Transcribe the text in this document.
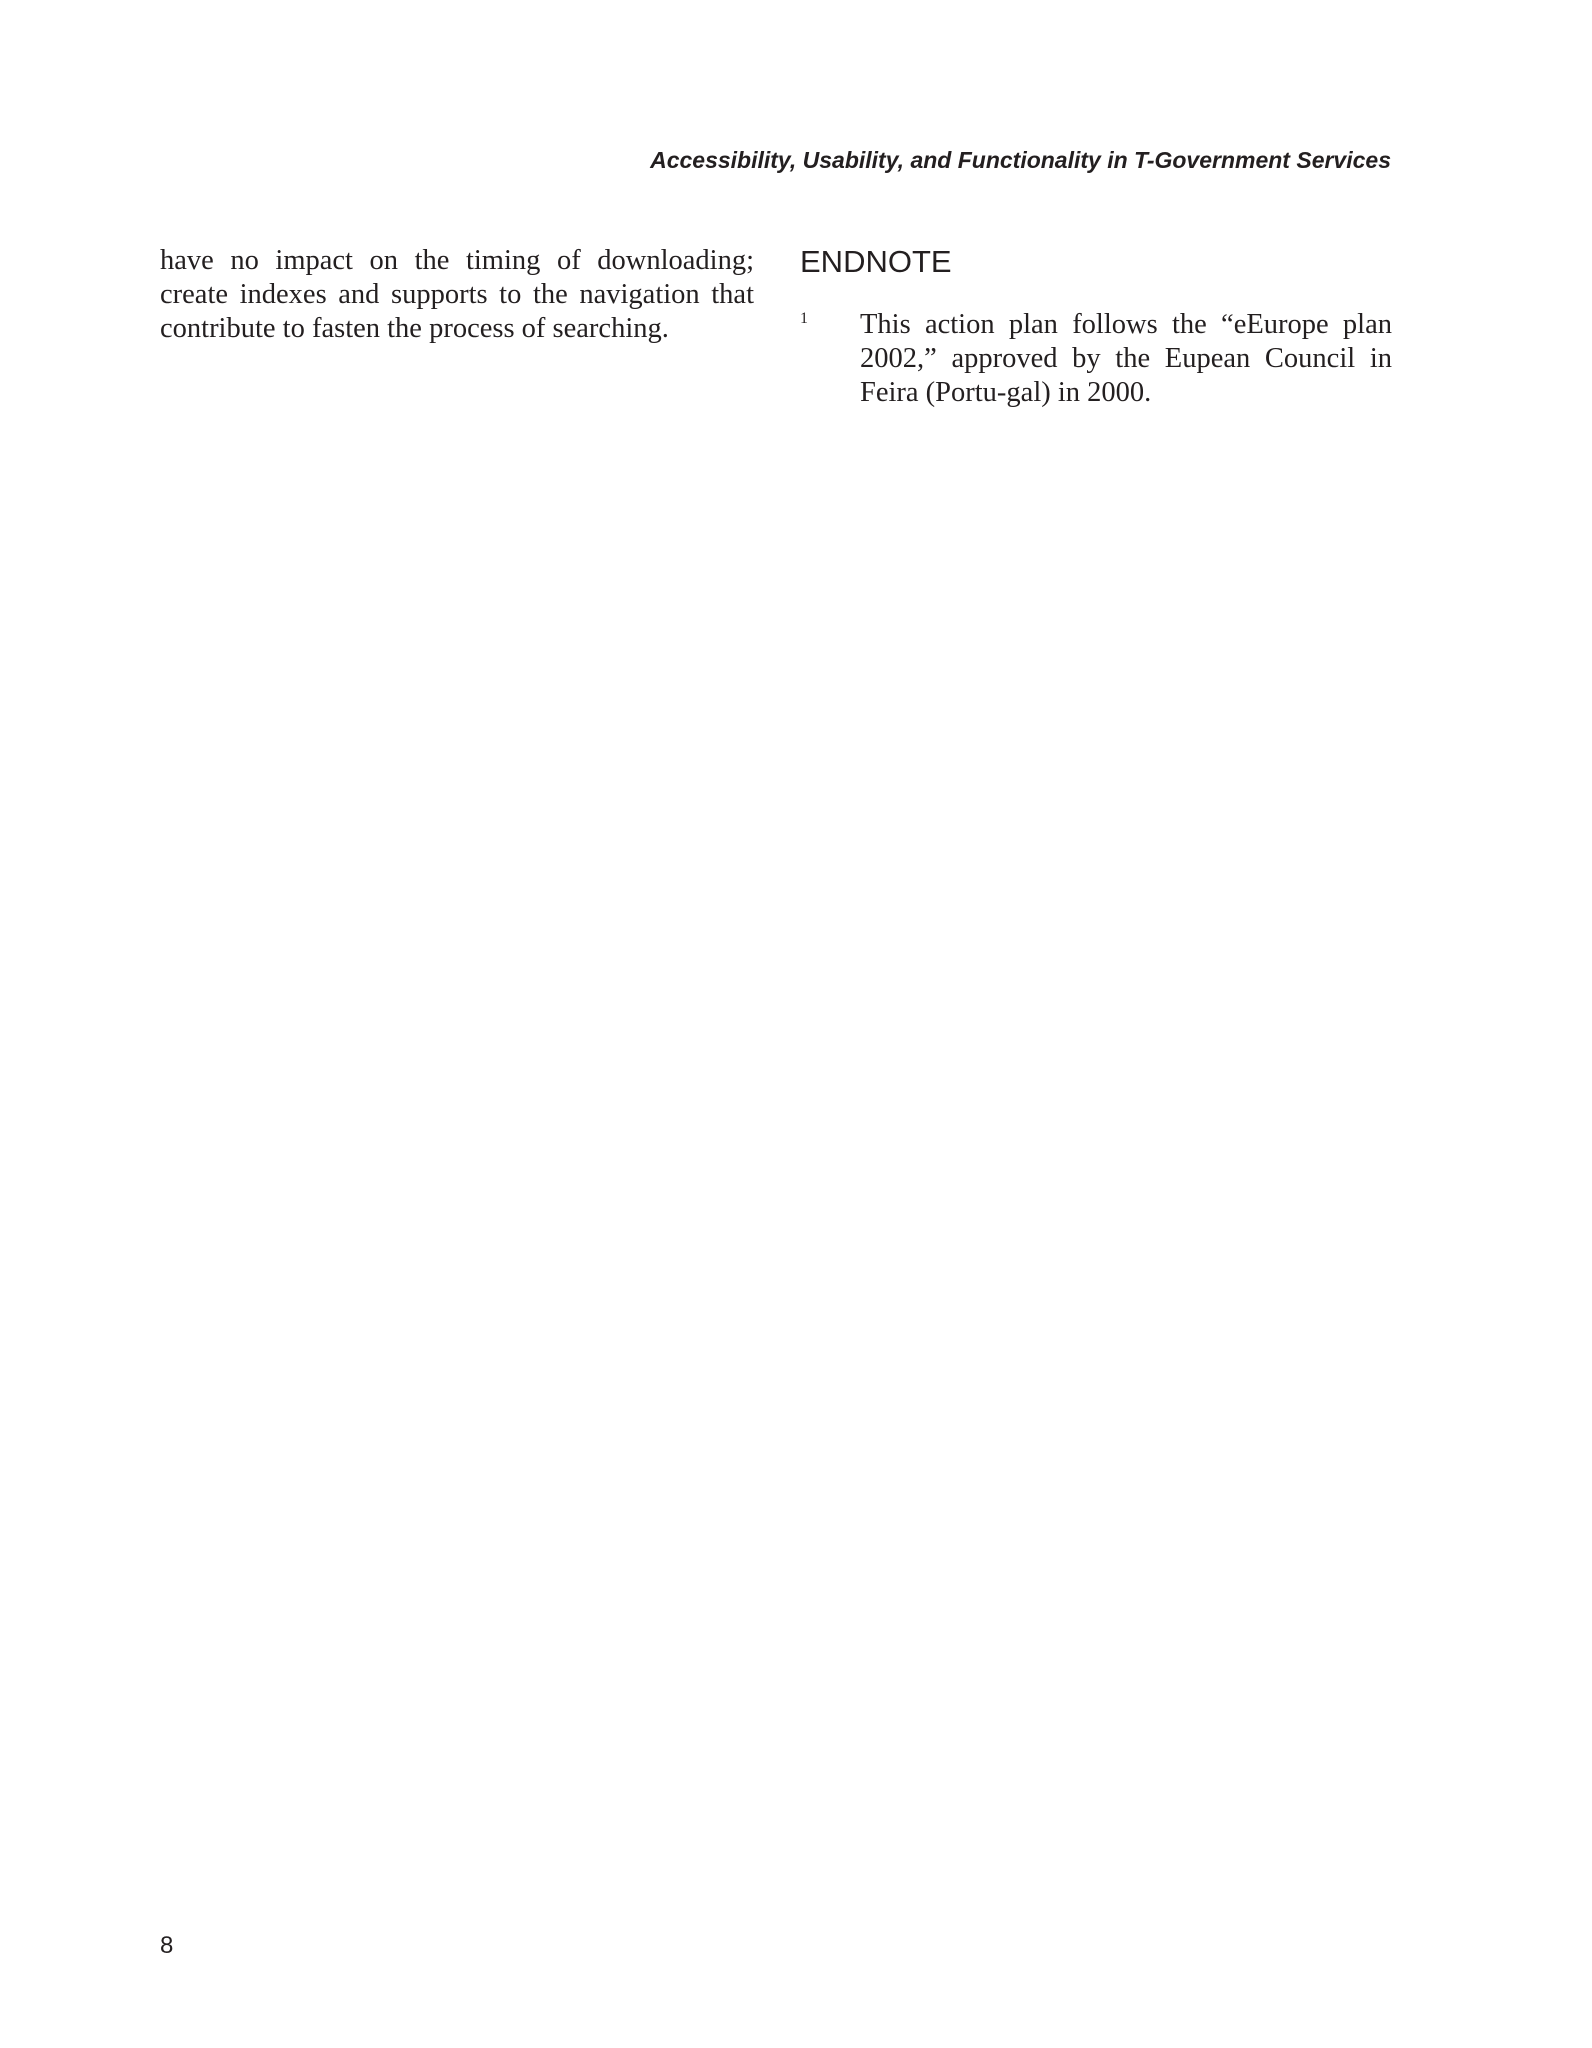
Accessibility, Usability, and Functionality in T-Government Services

have no impact on the timing of downloading; create indexes and supports to the navigation that contribute to fasten the process of searching.

ENDNOTE
1 This action plan follows the “eEurope plan 2002,” approved by the Eupean Council in Feira (Portu-gal) in 2000.
8
